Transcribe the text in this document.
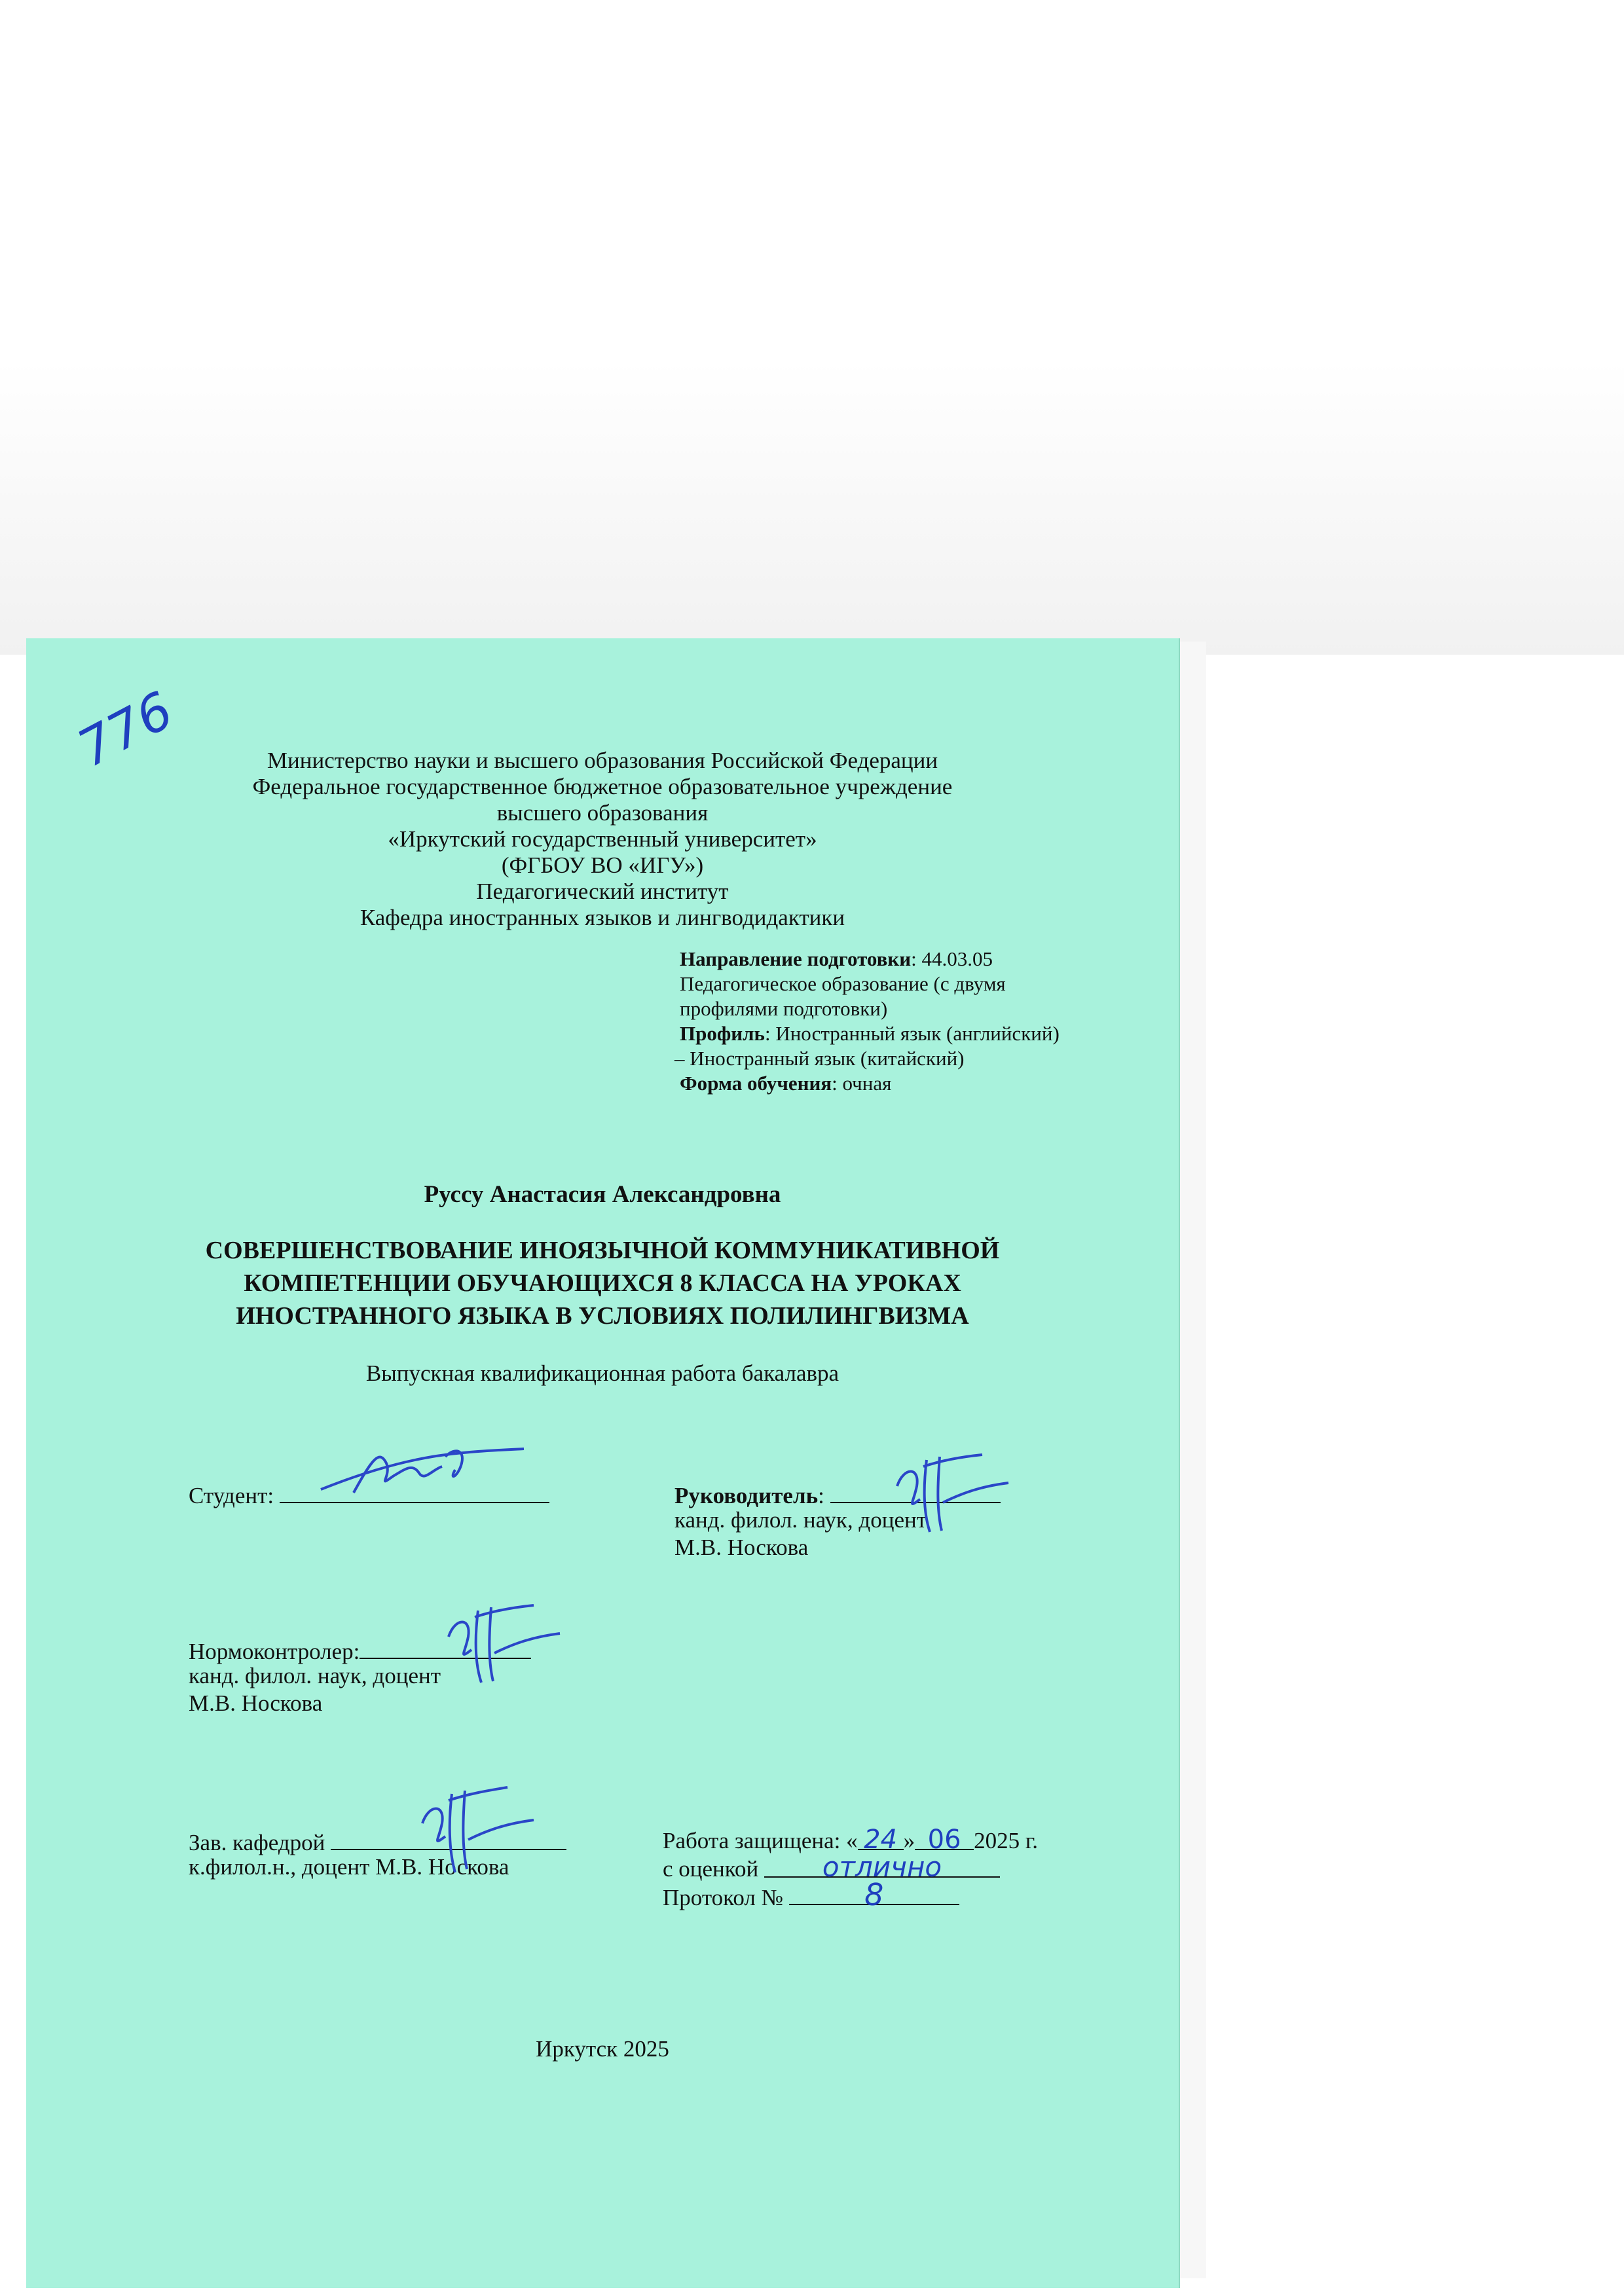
776	Министерство науки и высшего образования Российской Федерации
Федеральное государственное бюджетное образовательное учреждение
высшего образования
«Иркутский государственный университет»
(ФГБОУ ВО «ИГУ»)
Педагогический институт
Кафедра иностранных языков и лингводидактики
Направление подготовки: 44.03.05
Педагогическое образование (с двумя
профилями подготовки)
Профиль: Иностранный язык (английский)
– Иностранный язык (китайский)
Форма обучения: очная
Руссу Анастасия Александровна
СОВЕРШЕНСТВОВАНИЕ ИНОЯЗЫЧНОЙ КОММУНИКАТИВНОЙ
КОМПЕТЕНЦИИ ОБУЧАЮЩИХСЯ 8 КЛАССА НА УРОКАХ
ИНОСТРАННОГО ЯЗЫКА В УСЛОВИЯХ ПОЛИЛИНГВИЗМА
Выпускная квалификационная работа бакалавра
Студент:	Руководитель:
канд. филол. наук, доцент
М.В. Носкова
Нормоконтролер:
канд. филол. наук, доцент
М.В. Носкова
Зав. кафедрой
к.филол.н., доцент М.В. Носкова
Работа защищена: « 24 » 06 2025 г.
с оценкой отлично
Протокол №	8
Иркутск 2025
